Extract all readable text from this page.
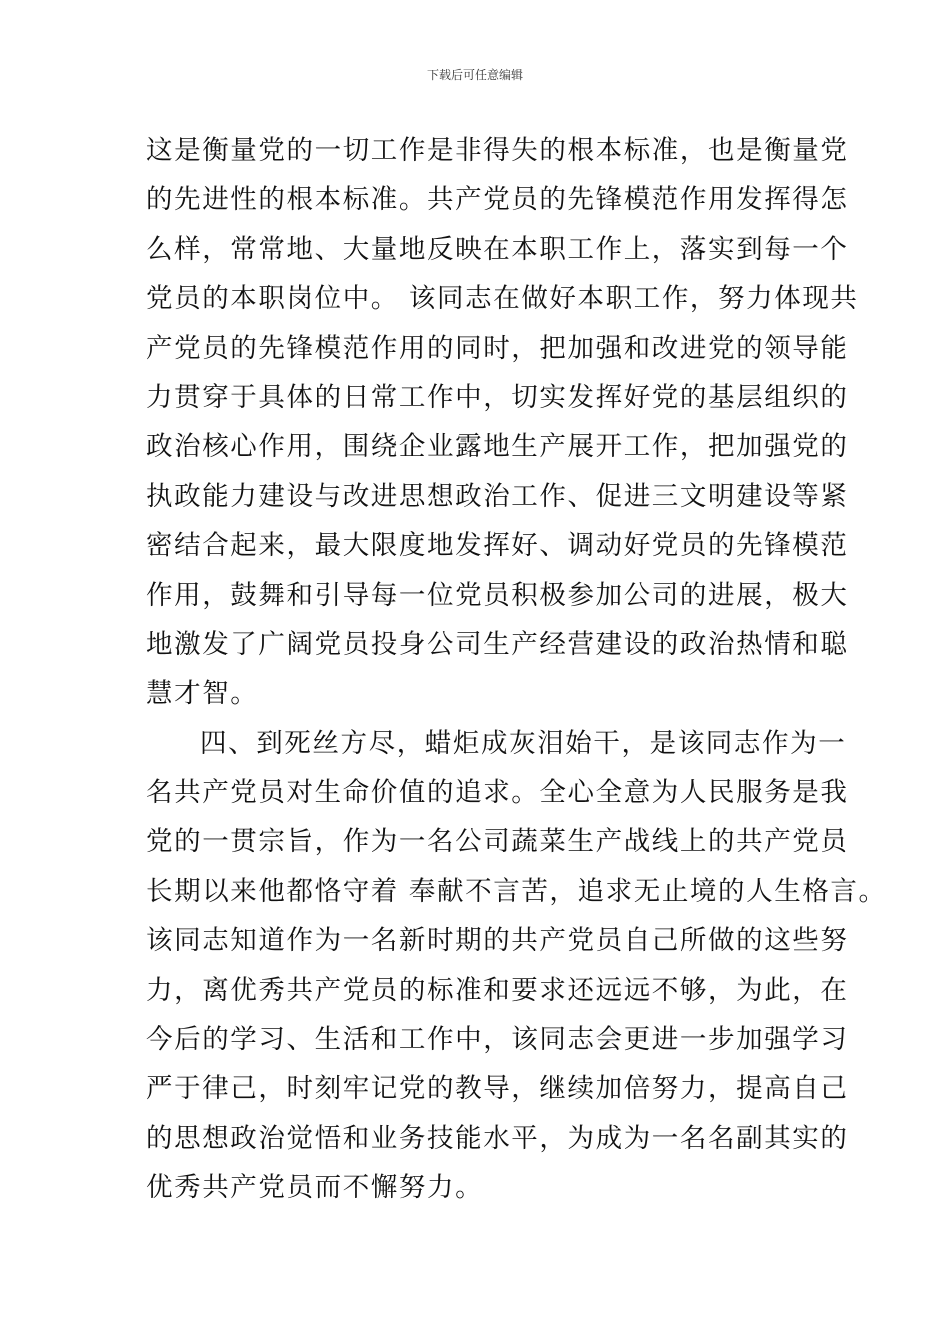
下载后可任意编辑
这是衡量党的一切工作是非得失的根本标准，也是衡量党
的先进性的根本标准。共产党员的先锋模范作用发挥得怎
么样，常常地、大量地反映在本职工作上，落实到每一个
党员的本职岗位中。 该同志在做好本职工作，努力体现共
产党员的先锋模范作用的同时，把加强和改进党的领导能
力贯穿于具体的日常工作中，切实发挥好党的基层组织的
政治核心作用，围绕企业露地生产展开工作，把加强党的
执政能力建设与改进思想政治工作、促进三文明建设等紧
密结合起来，最大限度地发挥好、调动好党员的先锋模范
作用，鼓舞和引导每一位党员积极参加公司的进展，极大
地激发了广阔党员投身公司生产经营建设的政治热情和聪
慧才智。
四、到死丝方尽，蜡炬成灰泪始干，是该同志作为一
名共产党员对生命价值的追求。全心全意为人民服务是我
党的一贯宗旨，作为一名公司蔬菜生产战线上的共产党员
长期以来他都恪守着 奉献不言苦，追求无止境的人生格言。
该同志知道作为一名新时期的共产党员自己所做的这些努
力，离优秀共产党员的标准和要求还远远不够，为此，在
今后的学习、生活和工作中，该同志会更进一步加强学习
严于律己，时刻牢记党的教导，继续加倍努力，提高自己
的思想政治觉悟和业务技能水平，为成为一名名副其实的
优秀共产党员而不懈努力。
